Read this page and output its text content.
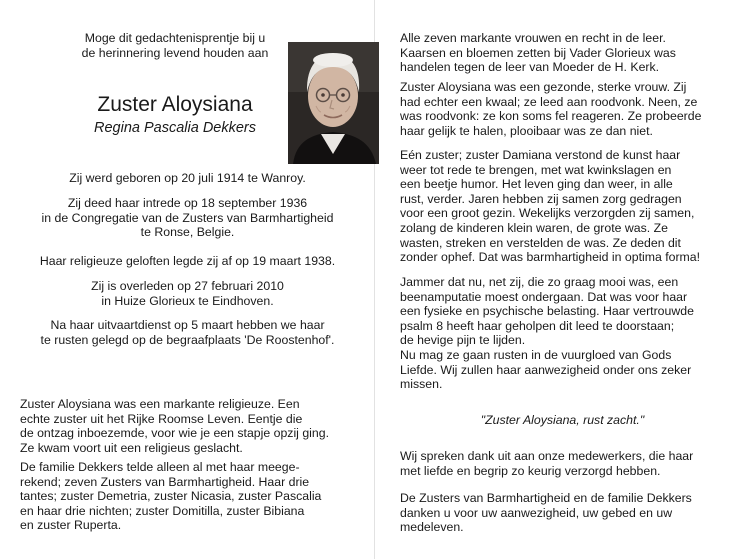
Moge dit gedachtenisprentje bij u
de herinnering levend houden aan
Zuster Aloysiana
Regina Pascalia Dekkers
Zij werd geboren op 20 juli 1914 te Wanroy.
Zij deed haar intrede op 18 september 1936
in de Congregatie van de Zusters van Barmhartigheid
te Ronse, Belgie.
Haar religieuze geloften legde zij af op 19 maart 1938.
Zij is overleden op 27 februari 2010
in Huize Glorieux te Eindhoven.
Na haar uitvaartdienst op 5 maart hebben we haar
te rusten gelegd op de begraafplaats 'De Roostenhof'.

Zuster Aloysiana was een markante religieuze. Een
echte zuster uit het Rijke Roomse Leven. Eentje die
de ontzag inboezemde, voor wie je een stapje opzij ging.
Ze kwam voort uit een religieus geslacht.

De familie Dekkers telde alleen al met haar meege-
rekend; zeven Zusters van Barmhartigheid. Haar drie
tantes; zuster Demetria, zuster Nicasia, zuster Pascalia
en haar drie nichten; zuster Domitilla, zuster Bibiana
en zuster Ruperta.

Alle zeven markante vrouwen en recht in de leer.
Kaarsen en bloemen zetten bij Vader Glorieux was
handelen tegen de leer van Moeder de H. Kerk.

Zuster Aloysiana was een gezonde, sterke vrouw. Zij
had echter een kwaal; ze leed aan roodvonk. Neen, ze
was roodvonk: ze kon soms fel reageren. Ze probeerde
haar gelijk te halen, plooibaar was ze dan niet.

Eén zuster; zuster Damiana verstond de kunst haar
weer tot rede te brengen, met wat kwinkslagen en
een beetje humor. Het leven ging dan weer, in alle
rust, verder. Jaren hebben zij samen zorg gedragen
voor een groot gezin. Wekelijks verzorgden zij samen,
zolang de kinderen klein waren, de grote was. Ze
wasten, streken en verstelden de was. Ze deden dit
zonder ophef. Dat was barmhartigheid in optima forma!

Jammer dat nu, net zij, die zo graag mooi was, een
beenamputatie moest ondergaan. Dat was voor haar
een fysieke en psychische belasting. Haar vertrouwde
psalm 8 heeft haar geholpen dit leed te doorstaan;
de hevige pijn te lijden.
Nu mag ze gaan rusten in de vuurgloed van Gods
Liefde. Wij zullen haar aanwezigheid onder ons zeker
missen.

"Zuster Aloysiana, rust zacht."

Wij spreken dank uit aan onze medewerkers, die haar
met liefde en begrip zo keurig verzorgd hebben.

De Zusters van Barmhartigheid en de familie Dekkers
danken u voor uw aanwezigheid, uw gebed en uw
medeleven.
